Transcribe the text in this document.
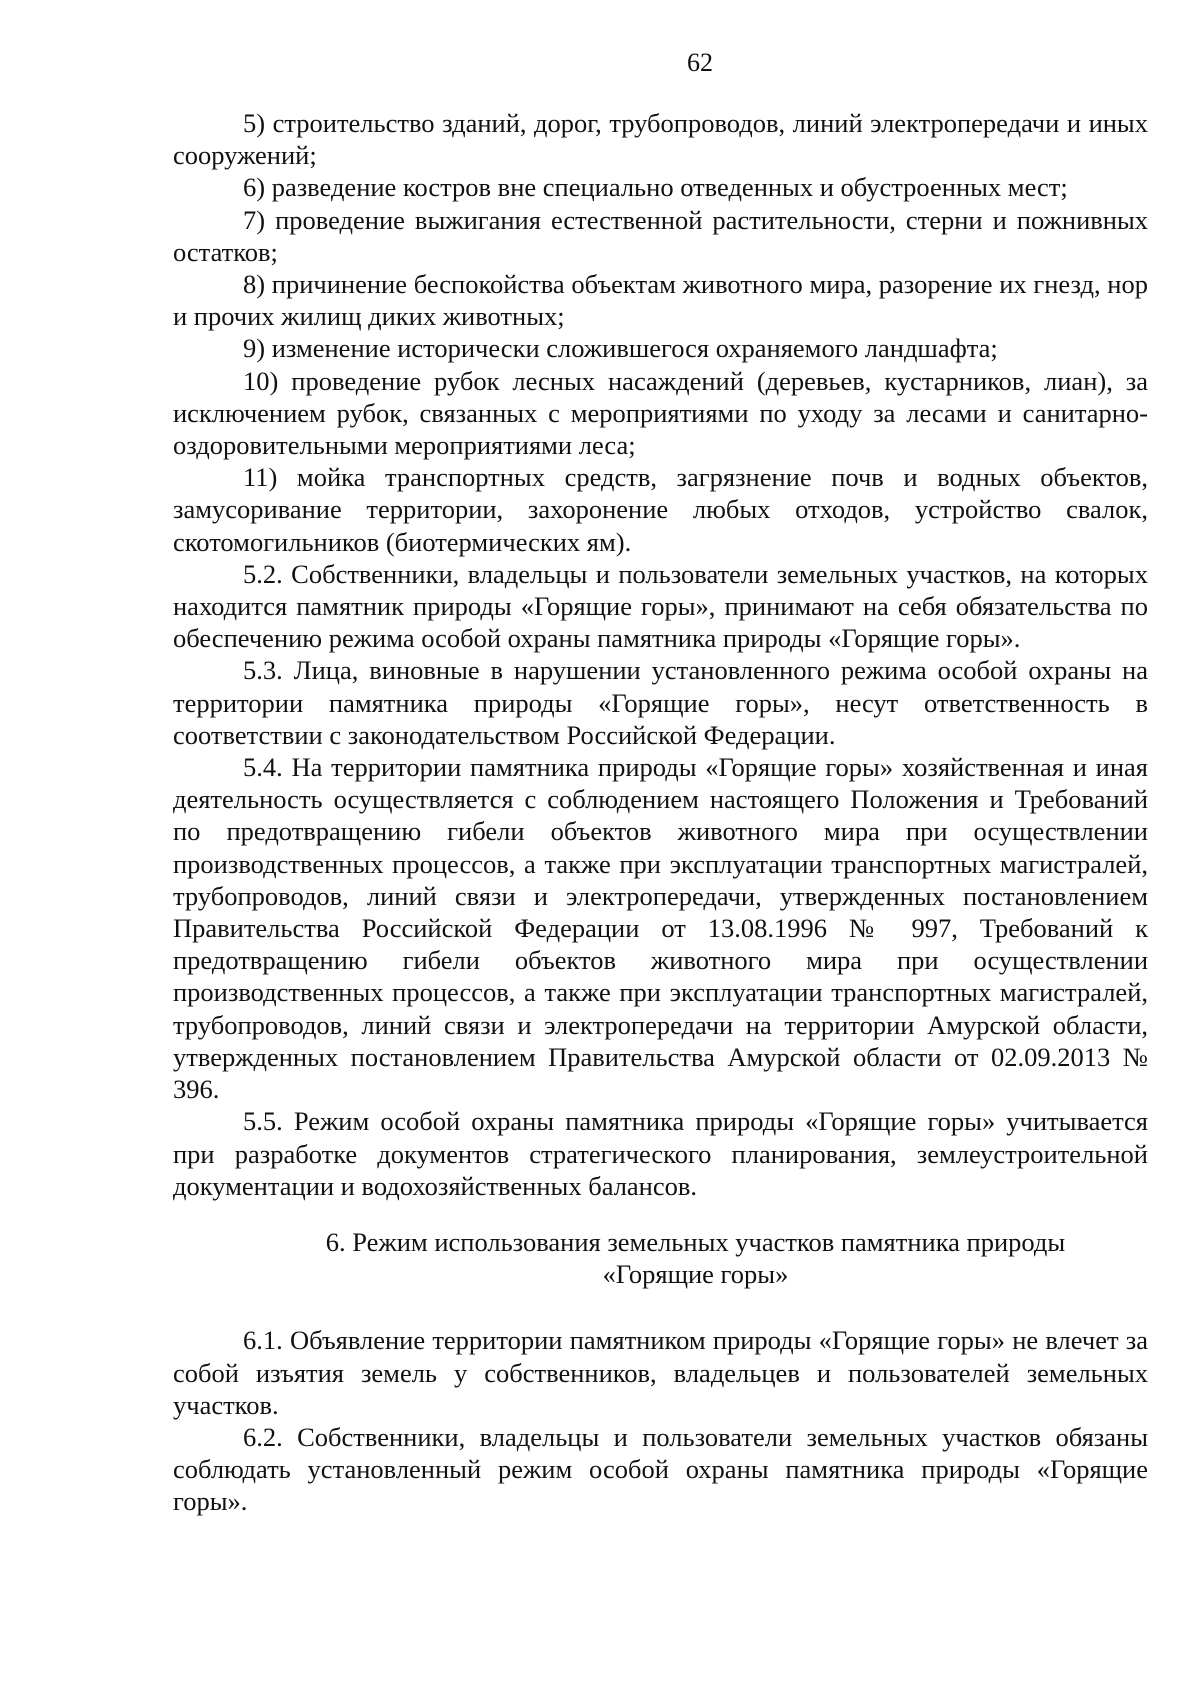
62

5) строительство зданий, дорог, трубопроводов, линий электропередачи и иных сооружений;

6) разведение костров вне специально отведенных и обустроенных мест;

7) проведение выжигания естественной растительности, стерни и пожнивных остатков;

8) причинение беспокойства объектам животного мира, разорение их гнезд, нор и прочих жилищ диких животных;

9) изменение исторически сложившегося охраняемого ландшафта;

10) проведение рубок лесных насаждений (деревьев, кустарников, лиан), за исключением рубок, связанных с мероприятиями по уходу за лесами и санитарно-оздоровительными мероприятиями леса;

11) мойка транспортных средств, загрязнение почв и водных объектов, замусоривание территории, захоронение любых отходов, устройство свалок, скотомогильников (биотермических ям).

5.2. Собственники, владельцы и пользователи земельных участков, на которых находится памятник природы «Горящие горы», принимают на себя обязательства по обеспечению режима особой охраны памятника природы «Горящие горы».

5.3. Лица, виновные в нарушении установленного режима особой охраны на территории памятника природы «Горящие горы», несут ответственность в соответствии с законодательством Российской Федерации.

5.4. На территории памятника природы «Горящие горы» хозяйственная и иная деятельность осуществляется с соблюдением настоящего Положения и Требований по предотвращению гибели объектов животного мира при осуществлении производственных процессов, а также при эксплуатации транспортных магистралей, трубопроводов, линий связи и электропередачи, утвержденных постановлением Правительства Российской Федерации от 13.08.1996 № 997, Требований к предотвращению гибели объектов животного мира при осуществлении производственных процессов, а также при эксплуатации транспортных магистралей, трубопроводов, линий связи и электропередачи на территории Амурской области, утвержденных постановлением Правительства Амурской области от 02.09.2013 № 396.

5.5. Режим особой охраны памятника природы «Горящие горы» учитывается при разработке документов стратегического планирования, землеустроительной документации и водохозяйственных балансов.

6. Режим использования земельных участков памятника природы
«Горящие горы»

6.1. Объявление территории памятником природы «Горящие горы» не влечет за собой изъятия земель у собственников, владельцев и пользователей земельных участков.

6.2. Собственники, владельцы и пользователи земельных участков обязаны соблюдать установленный режим особой охраны памятника природы «Горящие горы».
